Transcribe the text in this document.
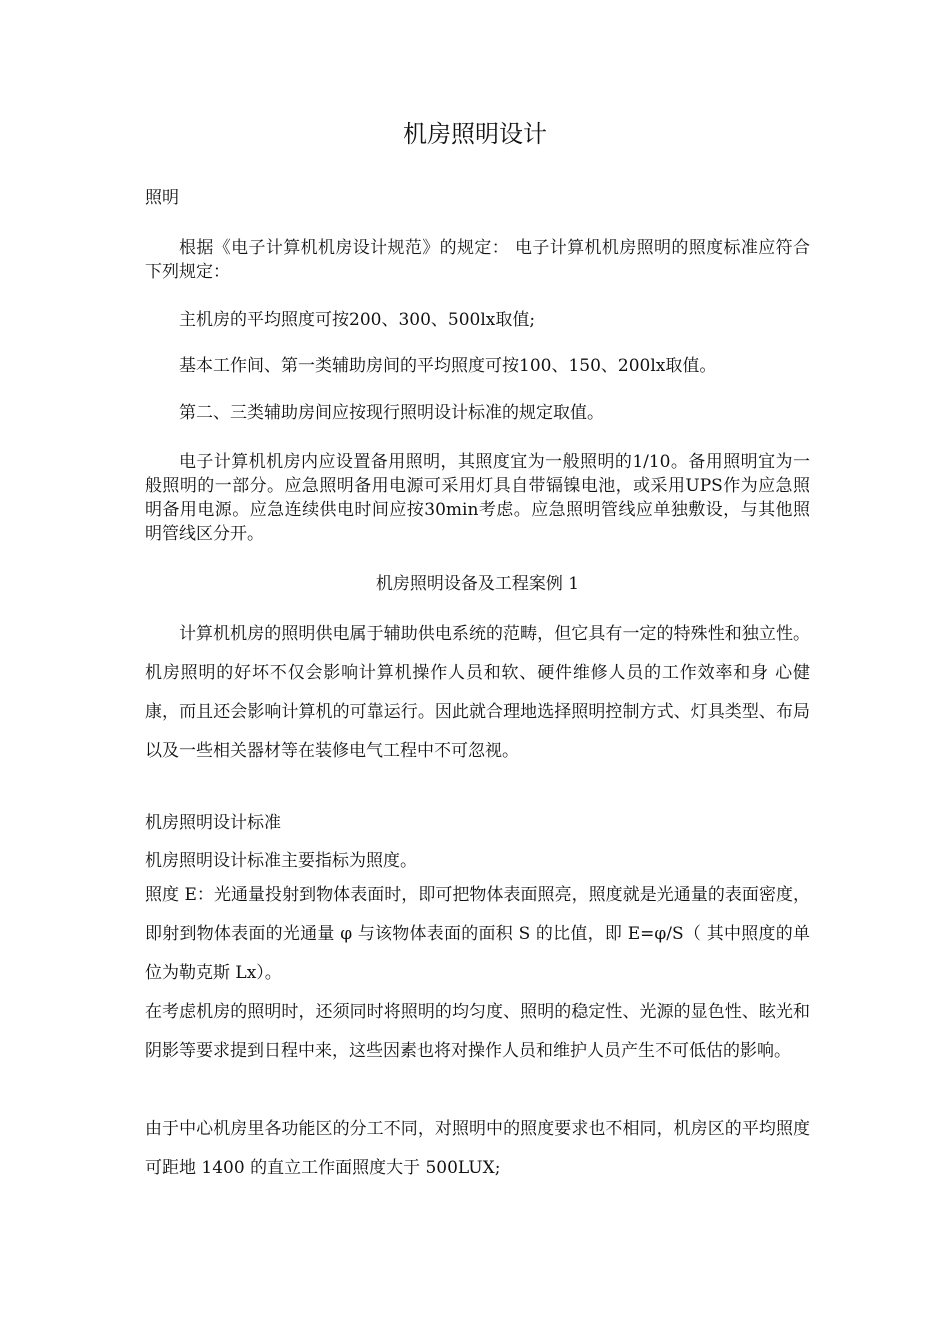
机房照明设计

照明

根据《电子计算机机房设计规范》的规定： 电子计算机机房照明的照度标准应符合下列规定：

主机房的平均照度可按200、300、500lx取值;

基本工作间、第一类辅助房间的平均照度可按100、150、200lx取值。

第二、三类辅助房间应按现行照明设计标准的规定取值。

电子计算机机房内应设置备用照明，其照度宜为一般照明的1/10。备用照明宜为一般照明的一部分。应急照明备用电源可采用灯具自带镉镍电池，或采用UPS作为应急照明备用电源。应急连续供电时间应按30min考虑。应急照明管线应单独敷设，与其他照明管线区分开。

机房照明设备及工程案例 1

计算机机房的照明供电属于辅助供电系统的范畴，但它具有一定的特殊性和独立性。机房照明的好坏不仅会影响计算机操作人员和软、硬件维修人员的工作效率和身 心健康，而且还会影响计算机的可靠运行。因此就合理地选择照明控制方式、灯具类型、布局以及一些相关器材等在装修电气工程中不可忽视。

机房照明设计标准

机房照明设计标准主要指标为照度。

照度 E：光通量投射到物体表面时，即可把物体表面照亮，照度就是光通量的表面密度，即射到物体表面的光通量 φ 与该物体表面的面积 S 的比值，即 E=φ/S（ 其中照度的单位为勒克斯 Lx）。

在考虑机房的照明时，还须同时将照明的均匀度、照明的稳定性、光源的显色性、眩光和阴影等要求提到日程中来，这些因素也将对操作人员和维护人员产生不可低估的影响。

由于中心机房里各功能区的分工不同，对照明中的照度要求也不相同，机房区的平均照度可距地 1400 的直立工作面照度大于 500LUX;
